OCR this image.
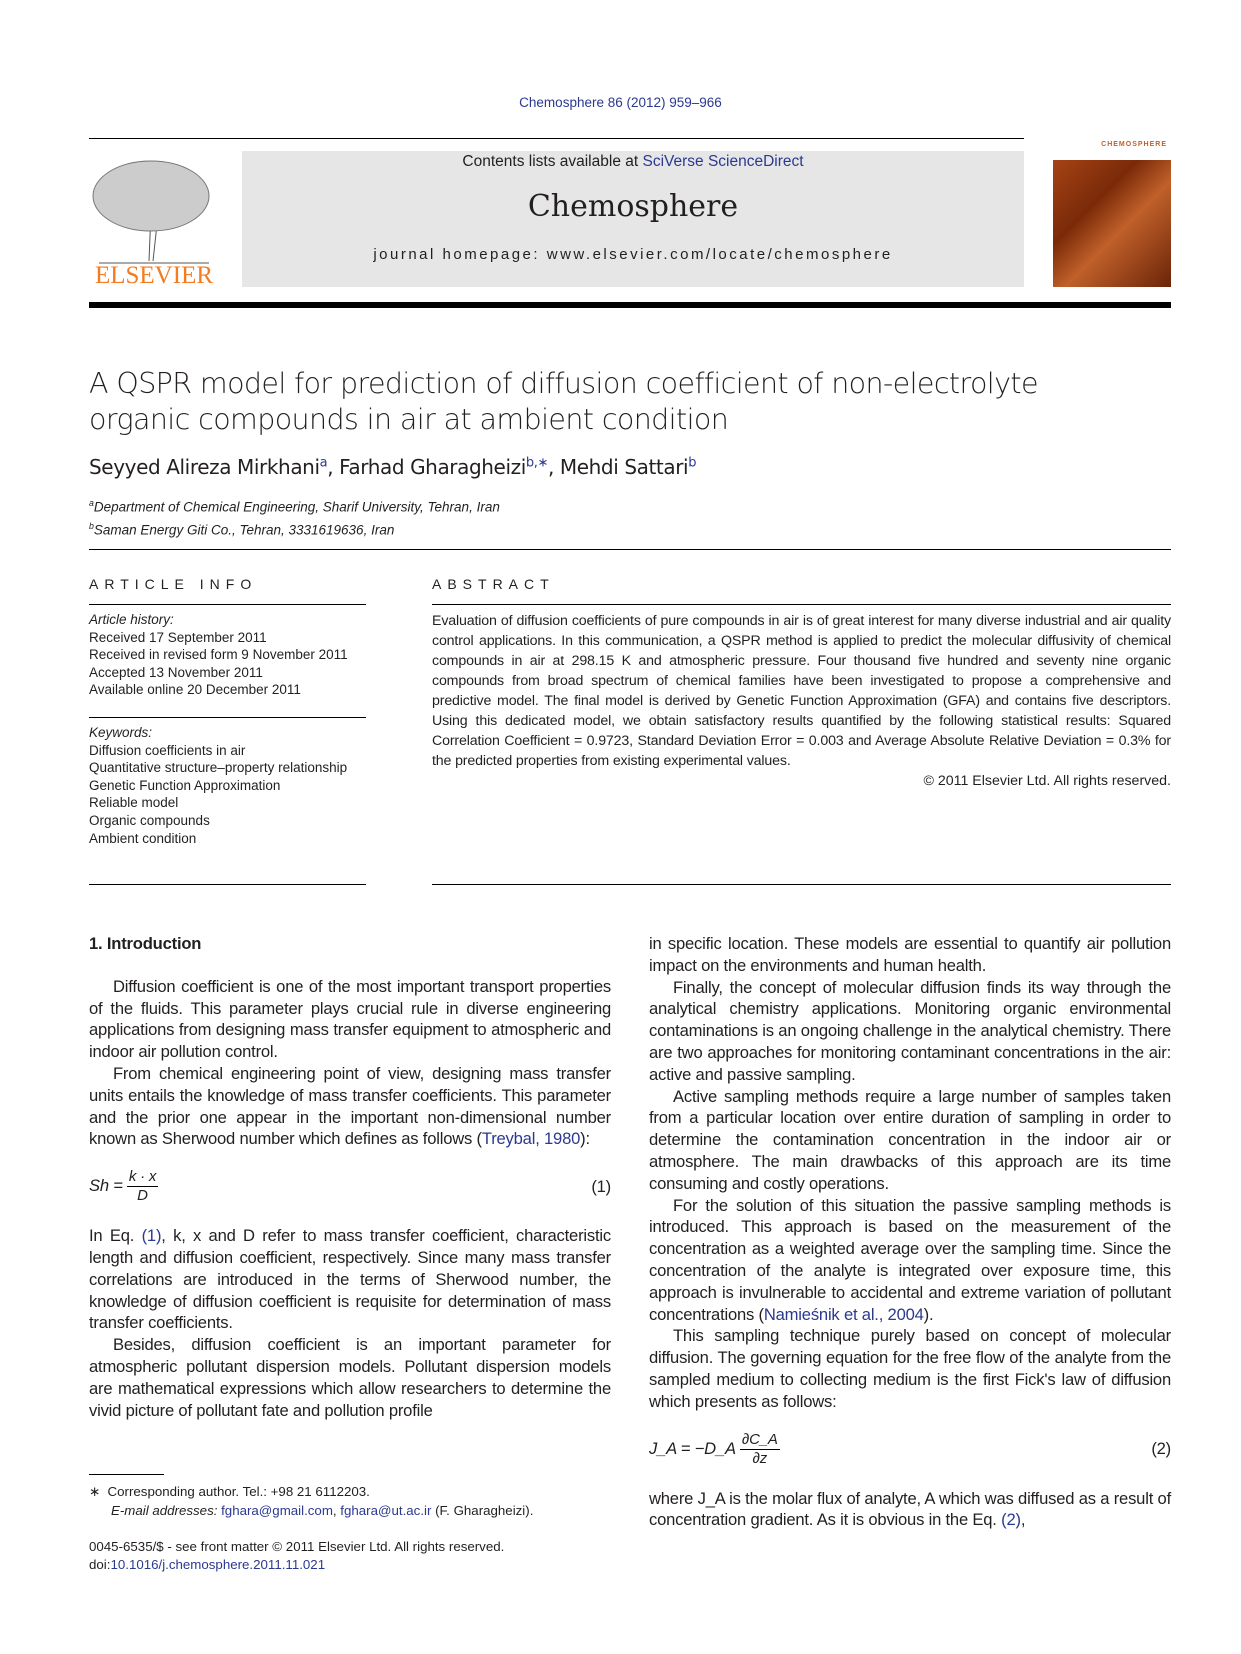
Chemosphere 86 (2012) 959–966
ELSEVIER
Contents lists available at SciVerse ScienceDirect
Chemosphere
journal homepage: www.elsevier.com/locate/chemosphere
CHEMOSPHERE
A QSPR model for prediction of diffusion coefficient of non-electrolyte organic compounds in air at ambient condition
Seyyed Alireza Mirkhani$^a$, Farhad Gharagheizi$^{b,∗}$, Mehdi Sattari$^b$
$^a$Department of Chemical Engineering, Sharif University, Tehran, Iran
$^b$Saman Energy Giti Co., Tehran, 3331619636, Iran
ARTICLE INFO
Article history:
Received 17 September 2011
Received in revised form 9 November 2011
Accepted 13 November 2011
Available online 20 December 2011
Keywords:
Diffusion coefficients in air
Quantitative structure–property relationship
Genetic Function Approximation
Reliable model
Organic compounds
Ambient condition
ABSTRACT
Evaluation of diffusion coefficients of pure compounds in air is of great interest for many diverse industrial and air quality control applications. In this communication, a QSPR method is applied to predict the molecular diffusivity of chemical compounds in air at 298.15 K and atmospheric pressure. Four thousand five hundred and seventy nine organic compounds from broad spectrum of chemical families have been investigated to propose a comprehensive and predictive model. The final model is derived by Genetic Function Approximation (GFA) and contains five descriptors. Using this dedicated model, we obtain satisfactory results quantified by the following statistical results: Squared Correlation Coefficient = 0.9723, Standard Deviation Error = 0.003 and Average Absolute Relative Deviation = 0.3% for the predicted properties from existing experimental values.
© 2011 Elsevier Ltd. All rights reserved.
1. Introduction

Diffusion coefficient is one of the most important transport properties of the fluids. This parameter plays crucial rule in diverse engineering applications from designing mass transfer equipment to atmospheric and indoor air pollution control.

From chemical engineering point of view, designing mass transfer units entails the knowledge of mass transfer coefficients. This parameter and the prior one appear in the important non-dimensional number known as Sherwood number which defines as follows (Treybal, 1980):

$Sh = \frac{k \cdot x}{D}$	(1)

In Eq. (1), k, x and D refer to mass transfer coefficient, characteristic length and diffusion coefficient, respectively. Since many mass transfer correlations are introduced in the terms of Sherwood number, the knowledge of diffusion coefficient is requisite for determination of mass transfer coefficients.

Besides, diffusion coefficient is an important parameter for atmospheric pollutant dispersion models. Pollutant dispersion models are mathematical expressions which allow researchers to determine the vivid picture of pollutant fate and pollution profile

in specific location. These models are essential to quantify air pollution impact on the environments and human health.

Finally, the concept of molecular diffusion finds its way through the analytical chemistry applications. Monitoring organic environmental contaminations is an ongoing challenge in the analytical chemistry. There are two approaches for monitoring contaminant concentrations in the air: active and passive sampling.

Active sampling methods require a large number of samples taken from a particular location over entire duration of sampling in order to determine the contamination concentration in the indoor air or atmosphere. The main drawbacks of this approach are its time consuming and costly operations.

For the solution of this situation the passive sampling methods is introduced. This approach is based on the measurement of the concentration as a weighted average over the sampling time. Since the concentration of the analyte is integrated over exposure time, this approach is invulnerable to accidental and extreme variation of pollutant concentrations (Namieśnik et al., 2004).

This sampling technique purely based on concept of molecular diffusion. The governing equation for the free flow of the analyte from the sampled medium to collecting medium is the first Fick's law of diffusion which presents as follows:

J_A = −D_A $\frac{\partial C\_A}{\partial z}$	(2)

where J_A is the molar flux of analyte, A which was diffused as a result of concentration gradient. As it is obvious in the Eq. (2),

∗ Corresponding author. Tel.: +98 21 6112203.
E-mail addresses: fghara@gmail.com, fghara@ut.ac.ir (F. Gharagheizi).
0045-6535/$ - see front matter © 2011 Elsevier Ltd. All rights reserved.
doi:10.1016/j.chemosphere.2011.11.021
